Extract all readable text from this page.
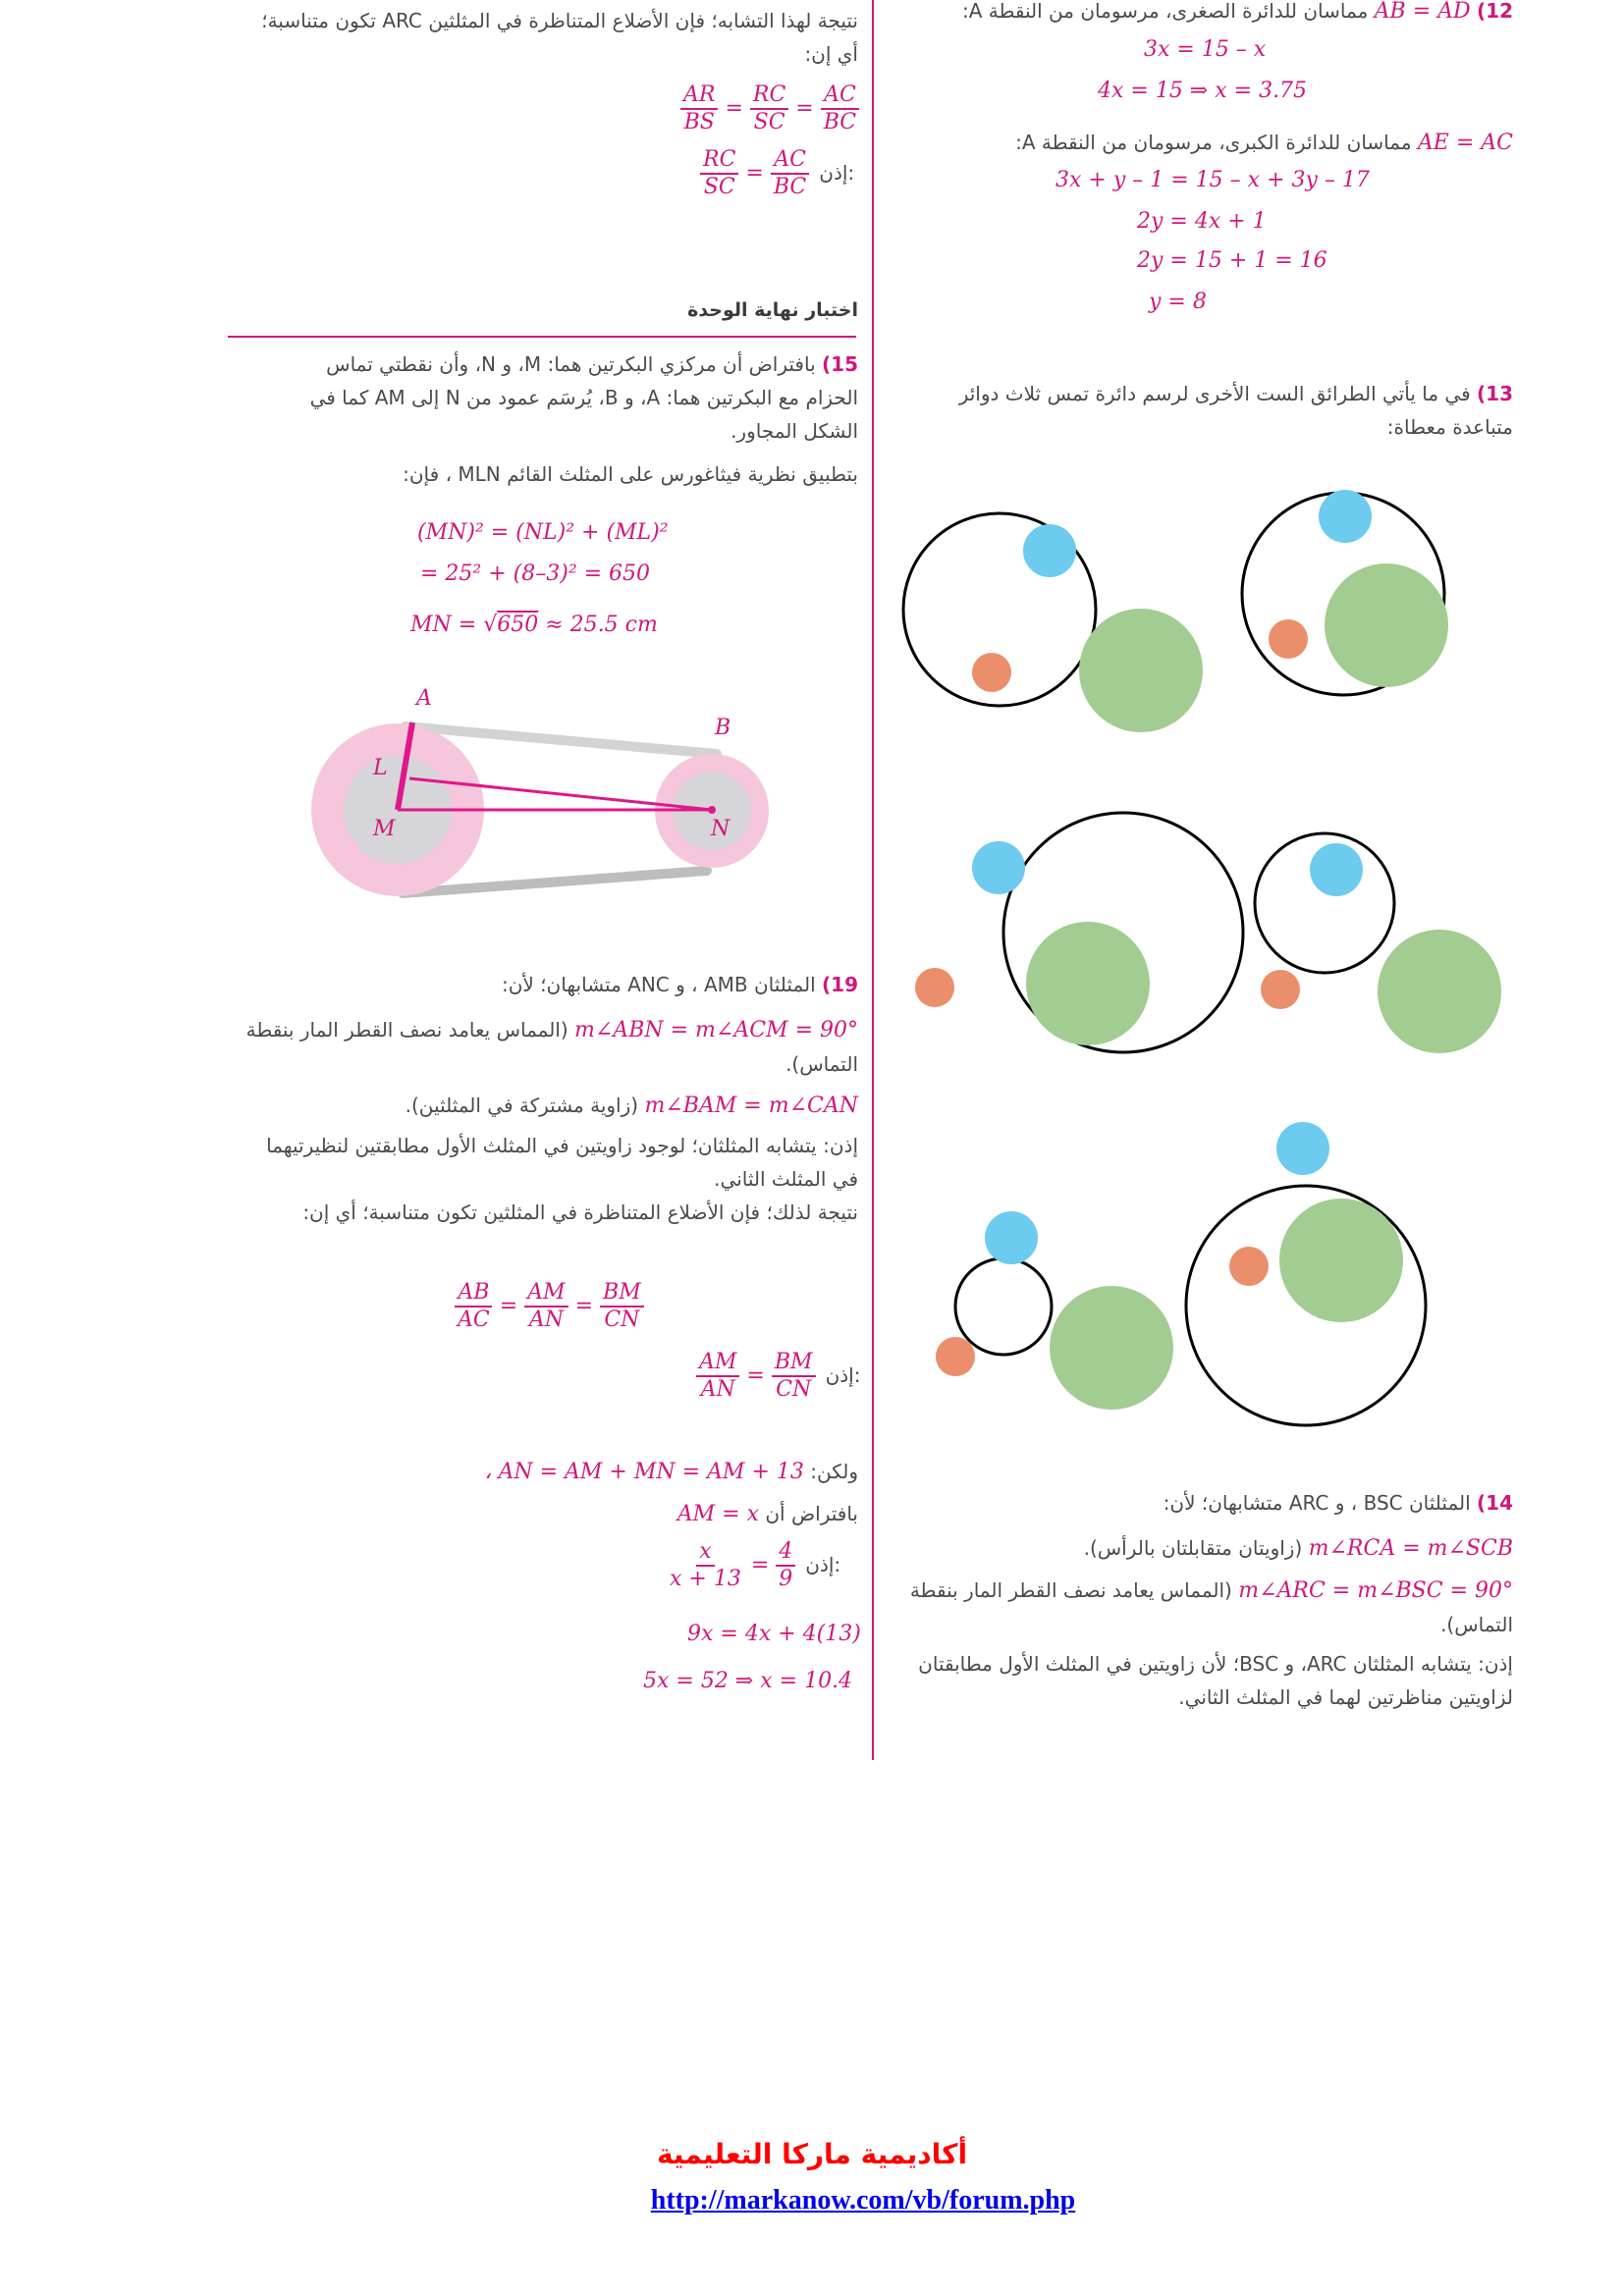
12) AB = AD مماسان للدائرة الصغرى، مرسومان من النقطة A:
3x = 15 – x
4x = 15 ⇒ x = 3.75
AE = AC مماسان للدائرة الكبرى، مرسومان من النقطة A:
3x + y – 1 = 15 – x + 3y – 17
2y = 4x + 1
2y = 15 + 1 = 16
y = 8
13) في ما يأتي الطرائق الست الأخرى لرسم دائرة تمس ثلاث دوائر
متباعدة معطاة:
14) المثلثان BSC ، و ARC متشابهان؛ لأن:
m∠RCA = m∠SCB (زاويتان متقابلتان بالرأس).
m∠ARC = m∠BSC = 90° (المماس يعامد نصف القطر المار بنقطة
التماس).
إذن: يتشابه المثلثان ARC، و BSC؛ لأن زاويتين في المثلث الأول مطابقتان
لزاويتين مناظرتين لهما في المثلث الثاني.
نتيجة لهذا التشابه؛ فإن الأضلاع المتناظرة في المثلثين ARC تكون متناسبة؛
أي إن:
$\frac{AR}{BS} = \frac{RC}{SC} = \frac{AC}{BC}$
$\frac{RC}{SC} = \frac{AC}{BC}$ إذن:
اختبار نهاية الوحدة
15) بافتراض أن مركزي البكرتين هما: M، و N، وأن نقطتي تماس
الحزام مع البكرتين هما: A، و B، يُرسَم عمود من N إلى AM كما في
الشكل المجاور.
بتطبيق نظرية فيثاغورس على المثلث القائم MLN ، فإن:
(MN)² = (NL)² + (ML)²
= 25² + (8–3)² = 650
MN = √650 ≈ 25.5 cm
A
B
L
M	N
19) المثلثان AMB ، و ANC متشابهان؛ لأن:
m∠ABN = m∠ACM = 90° (المماس يعامد نصف القطر المار بنقطة
التماس).
m∠BAM = m∠CAN (زاوية مشتركة في المثلثين).
إذن: يتشابه المثلثان؛ لوجود زاويتين في المثلث الأول مطابقتين لنظيرتيهما
في المثلث الثاني.
نتيجة لذلك؛ فإن الأضلاع المتناظرة في المثلثين تكون متناسبة؛ أي إن:
$\frac{AB}{AC} = \frac{AM}{AN} = \frac{BM}{CN}$
$\frac{AM}{AN} = \frac{BM}{CN}$ إذن:
ولكن: AN = AM + MN = AM + 13 ،
بافتراض أن AM = x
$\frac{x}{x + 13} = \frac{4}{9}$ إذن:
9x = 4x + 4(13)
5x = 52 ⇒ x = 10.4
أكاديمية ماركا التعليمية
http://markanow.com/vb/forum.php
